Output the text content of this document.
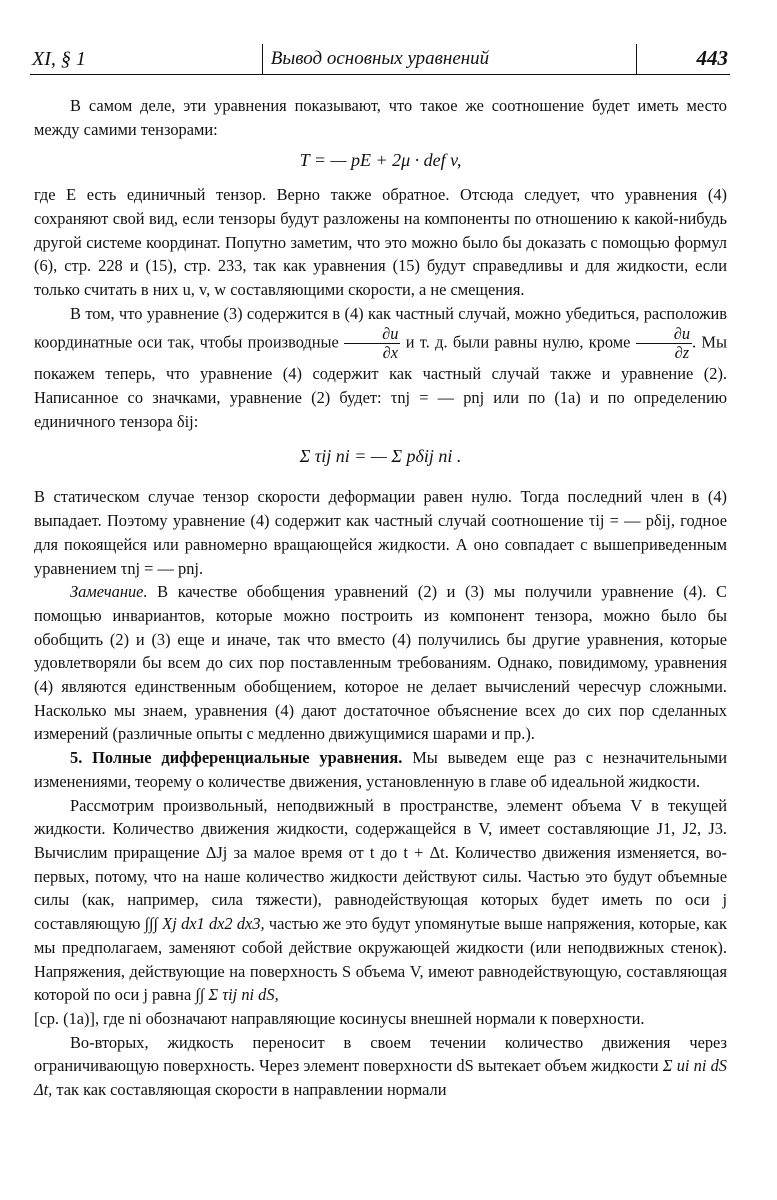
XI, § 1	Вывод основных уравнений	443

В самом деле, эти уравнения показывают, что такое же соотношение будет иметь место между самими тензорами:

T = — pE + 2μ · def v,

где E есть единичный тензор. Верно также обратное. Отсюда следует, что уравнения (4) сохраняют свой вид, если тензоры будут разложены на компоненты по отношению к какой-нибудь другой системе координат. Попутно заметим, что это можно было бы доказать с помощью формул (6), стр. 228 и (15), стр. 233, так как уравнения (15) будут справедливы и для жидкости, если только считать в них u, v, w составляющими скорости, а не смещения.

В том, что уравнение (3) содержится в (4) как частный случай, можно убедиться, расположив координатные оси так, чтобы производные $\frac{\partial u}{\partial x}$ и т. д. были равны нулю, кроме $\frac{\partial u}{\partial z}$ . Мы покажем теперь, что уравнение (4) содержит как частный случай также и уравнение (2). Написанное со значками, уравнение (2) будет: τnj = — pnj или по (1a) и по определению единичного тензора δij:

Σ τij ni = — Σ pδij ni .

В статическом случае тензор скорости деформации равен нулю. Тогда последний член в (4) выпадает. Поэтому уравнение (4) содержит как частный случай соотношение τij = — pδij, годное для покоящейся или равномерно вращающейся жидкости. А оно совпадает с вышеприведенным уравнением τnj = — pnj.

Замечание. В качестве обобщения уравнений (2) и (3) мы получили уравнение (4). С помощью инвариантов, которые можно построить из компонент тензора, можно было бы обобщить (2) и (3) еще и иначе, так что вместо (4) получились бы другие уравнения, которые удовлетворяли бы всем до сих пор поставленным требованиям. Однако, повидимому, уравнения (4) являются единственным обобщением, которое не делает вычислений чересчур сложными. Насколько мы знаем, уравнения (4) дают достаточное объяснение всех до сих пор сделанных измерений (различные опыты с медленно движущимися шарами и пр.).

5. Полные дифференциальные уравнения. Мы выведем еще раз с незначительными изменениями, теорему о количестве движения, установленную в главе об идеальной жидкости.

Рассмотрим произвольный, неподвижный в пространстве, элемент объема V в текущей жидкости. Количество движения жидкости, содержащейся в V, имеет составляющие J1, J2, J3. Вычислим приращение ΔJj за малое время от t до t + Δt. Количество движения изменяется, во-первых, потому, что на наше количество жидкости действуют силы. Частью это будут объемные силы (как, например, сила тяжести), равнодействующая которых будет иметь по оси j составляющую ∫∫∫ Xj dx1 dx2 dx3, частью же это будут упомянутые выше напряжения, которые, как мы предполагаем, заменяют собой действие окружающей жидкости (или неподвижных стенок). Напряжения, действующие на поверхность S объема V, имеют равнодействующую, составляющая которой по оси j равна ∫∫ Σ τij ni dS,

[ср. (1a)], где ni обозначают направляющие косинусы внешней нормали к поверхности.

Во-вторых, жидкость переносит в своем течении количество движения через ограничивающую поверхность. Через элемент поверхности dS вытекает объем жидкости Σ ui ni dS Δt, так как составляющая скорости в направлении нормали
